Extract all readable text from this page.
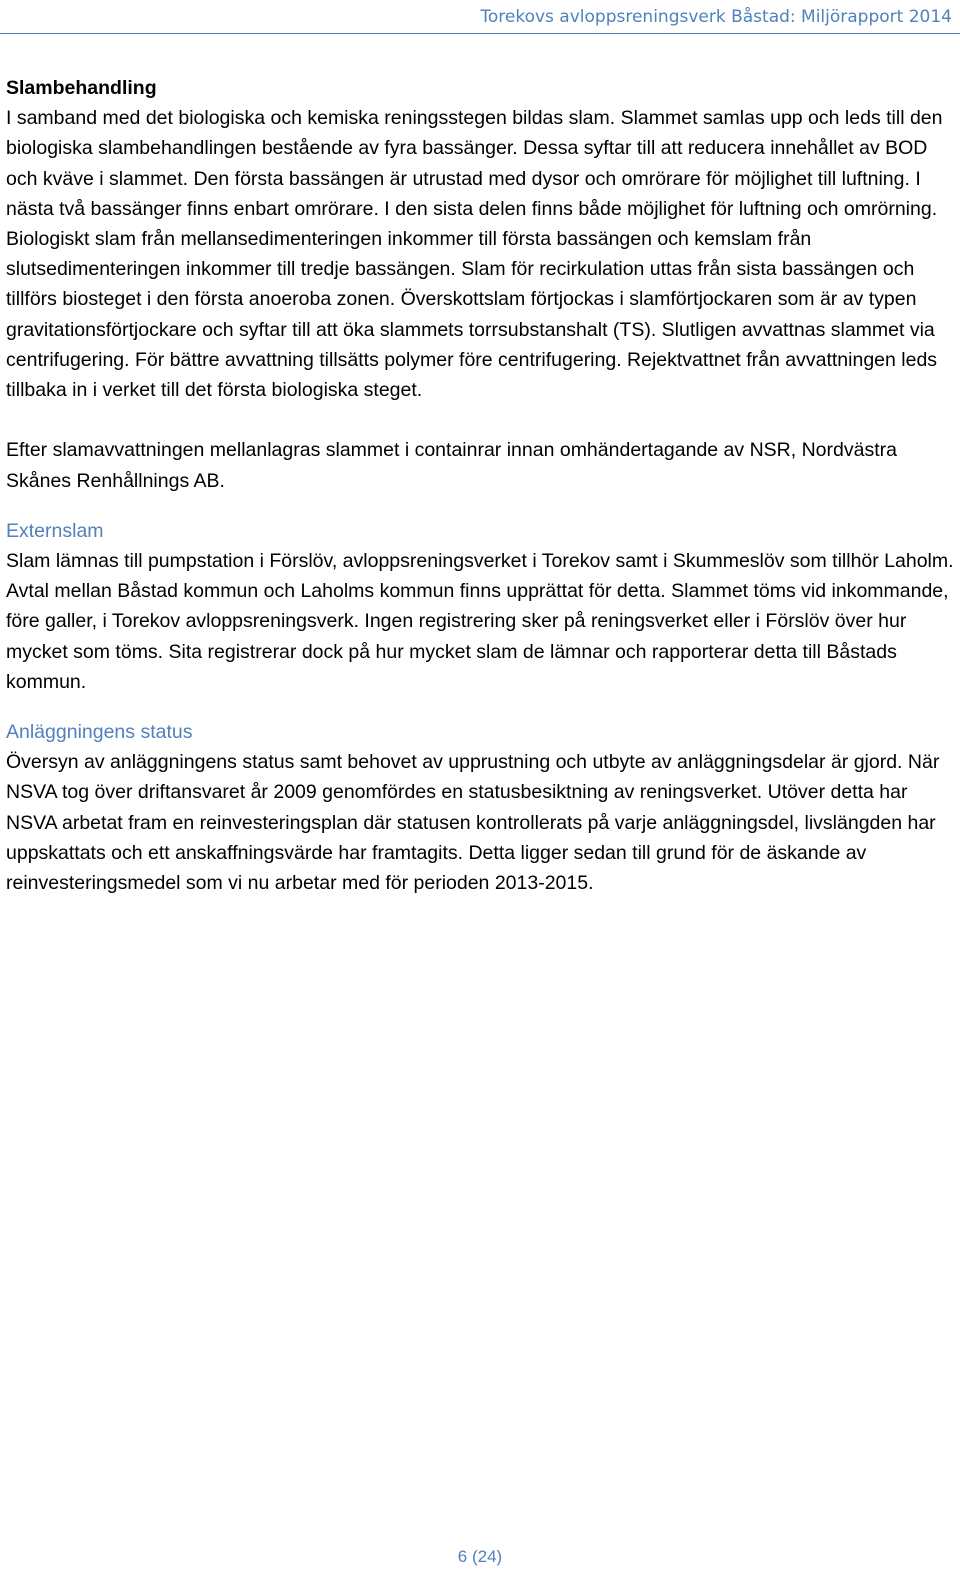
Torekovs avloppsreningsverk Båstad: Miljörapport 2014

Slambehandling

I samband med det biologiska och kemiska reningsstegen bildas slam. Slammet samlas upp och leds till den biologiska slambehandlingen bestående av fyra bassänger. Dessa syftar till att reducera innehållet av BOD och kväve i slammet. Den första bassängen är utrustad med dysor och omrörare för möjlighet till luftning. I nästa två bassänger finns enbart omrörare. I den sista delen finns både möjlighet för luftning och omrörning. Biologiskt slam från mellansedimenteringen inkommer till första bassängen och kemslam från slutsedimenteringen inkommer till tredje bassängen. Slam för recirkulation uttas från sista bassängen och tillförs biosteget i den första anoeroba zonen. Överskottslam förtjockas i slamförtjockaren som är av typen gravitationsförtjockare och syftar till att öka slammets torrsubstanshalt (TS). Slutligen avvattnas slammet via centrifugering. För bättre avvattning tillsätts polymer före centrifugering. Rejektvattnet från avvattningen leds tillbaka in i verket till det första biologiska steget.

Efter slamavvattningen mellanlagras slammet i containrar innan omhändertagande av NSR, Nordvästra Skånes Renhållnings AB.

Externslam

Slam lämnas till pumpstation i Förslöv, avloppsreningsverket i Torekov samt i Skummeslöv som tillhör Laholm. Avtal mellan Båstad kommun och Laholms kommun finns upprättat för detta. Slammet töms vid inkommande, före galler, i Torekov avloppsreningsverk. Ingen registrering sker på reningsverket eller i Förslöv över hur mycket som töms. Sita registrerar dock på hur mycket slam de lämnar och rapporterar detta till Båstads kommun.

Anläggningens status

Översyn av anläggningens status samt behovet av upprustning och utbyte av anläggningsdelar är gjord. När NSVA tog över driftansvaret år 2009 genomfördes en statusbesiktning av reningsverket. Utöver detta har NSVA arbetat fram en reinvesteringsplan där statusen kontrollerats på varje anläggningsdel, livslängden har uppskattats och ett anskaffningsvärde har framtagits. Detta ligger sedan till grund för de äskande av reinvesteringsmedel som vi nu arbetar med för perioden 2013-2015.

6 (24)
